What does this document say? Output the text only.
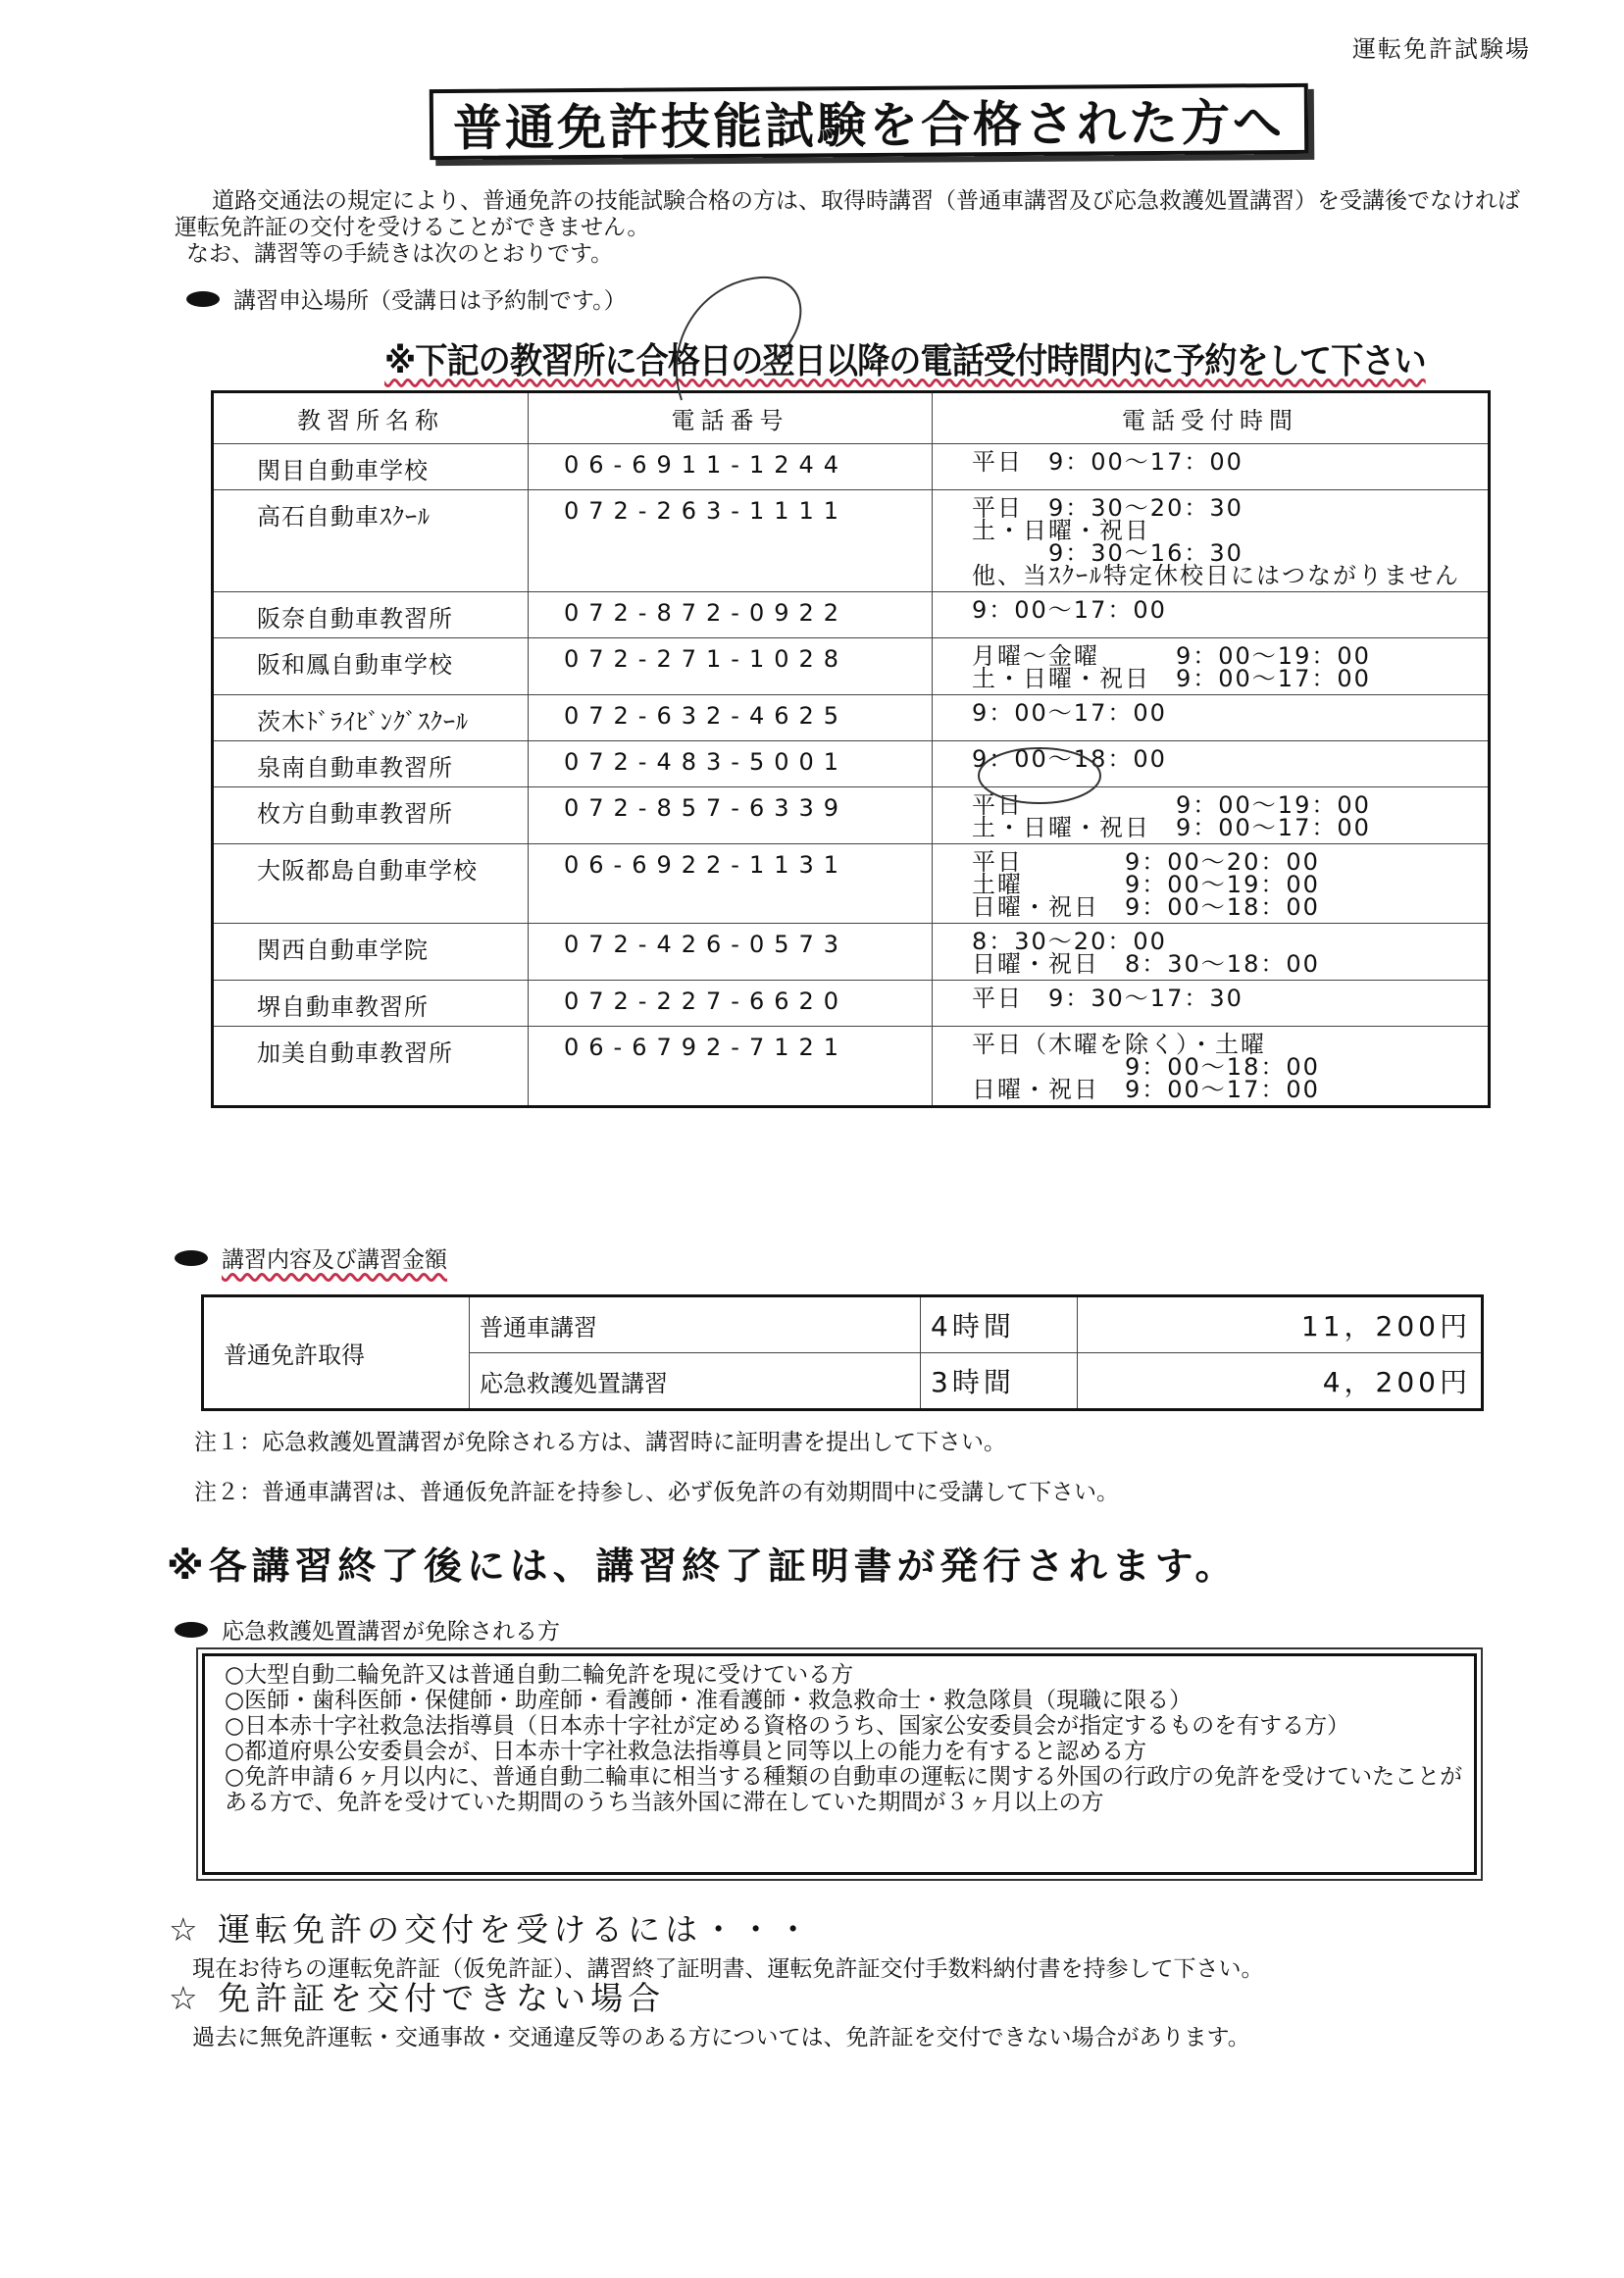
運転免許試験場
普通免許技能試験を合格された方へ

道路交通法の規定により、普通免許の技能試験合格の方は、取得時講習（普通車講習及び応急救護処置講習）を受講後でなければ運転免許証の交付を受けることができません。

なお、講習等の手続きは次のとおりです。

講習申込場所（受講日は予約制です。）
※下記の教習所に合格日の翌日以降の電話受付時間内に予約をして下さい
教習所名称	電話番号	電話受付時間
関目自動車学校	06-6911-1244	平日　9：00～17：00

高石自動車ｽｸｰﾙ	072-263-1111	平日　9：30～20：30
土・日曜・祝日
　　　9：30～16：30
他、当ｽｸｰﾙ特定休校日にはつながりません

阪奈自動車教習所	072-872-0922	9：00～17：00

阪和鳳自動車学校	072-271-1028	月曜～金曜　　　9：00～19：00
土・日曜・祝日　9：00～17：00

茨木ﾄﾞﾗｲﾋﾞﾝｸﾞｽｸｰﾙ	072-632-4625	9：00～17：00

泉南自動車教習所	072-483-5001	9：00～18：00

枚方自動車教習所	072-857-6339	平日　　　　　　9：00～19：00
土・日曜・祝日　9：00～17：00

大阪都島自動車学校	06-6922-1131	平日　　　　9：00～20：00
土曜　　　　9：00～19：00
日曜・祝日　9：00～18：00

関西自動車学院	072-426-0573	8：30～20：00
日曜・祝日　8：30～18：00

堺自動車教習所	072-227-6620	平日　9：30～17：30

加美自動車教習所	06-6792-7121	平日（木曜を除く）・土曜
　　　　　　9：00～18：00
日曜・祝日　9：00～17：00
講習内容及び講習金額
普通免許取得	普通車講習	4時間	11，200円
	応急救護処置講習	3時間	4，200円
注１：応急救護処置講習が免除される方は、講習時に証明書を提出して下さい。
注２：普通車講習は、普通仮免許証を持参し、必ず仮免許の有効期間中に受講して下さい。
※各講習終了後には、講習終了証明書が発行されます。
応急救護処置講習が免除される方
○大型自動二輪免許又は普通自動二輪免許を現に受けている方
○医師・歯科医師・保健師・助産師・看護師・准看護師・救急救命士・救急隊員（現職に限る）
○日本赤十字社救急法指導員（日本赤十字社が定める資格のうち、国家公安委員会が指定するものを有する方）
○都道府県公安委員会が、日本赤十字社救急法指導員と同等以上の能力を有すると認める方
○免許申請６ヶ月以内に、普通自動二輪車に相当する種類の自動車の運転に関する外国の行政庁の免許を受けていたことがある方で、免許を受けていた期間のうち当該外国に滞在していた期間が３ヶ月以上の方
☆ 運転免許の交付を受けるには・・・
現在お待ちの運転免許証（仮免許証）、講習終了証明書、運転免許証交付手数料納付書を持参して下さい。
☆ 免許証を交付できない場合
過去に無免許運転・交通事故・交通違反等のある方については、免許証を交付できない場合があります。
